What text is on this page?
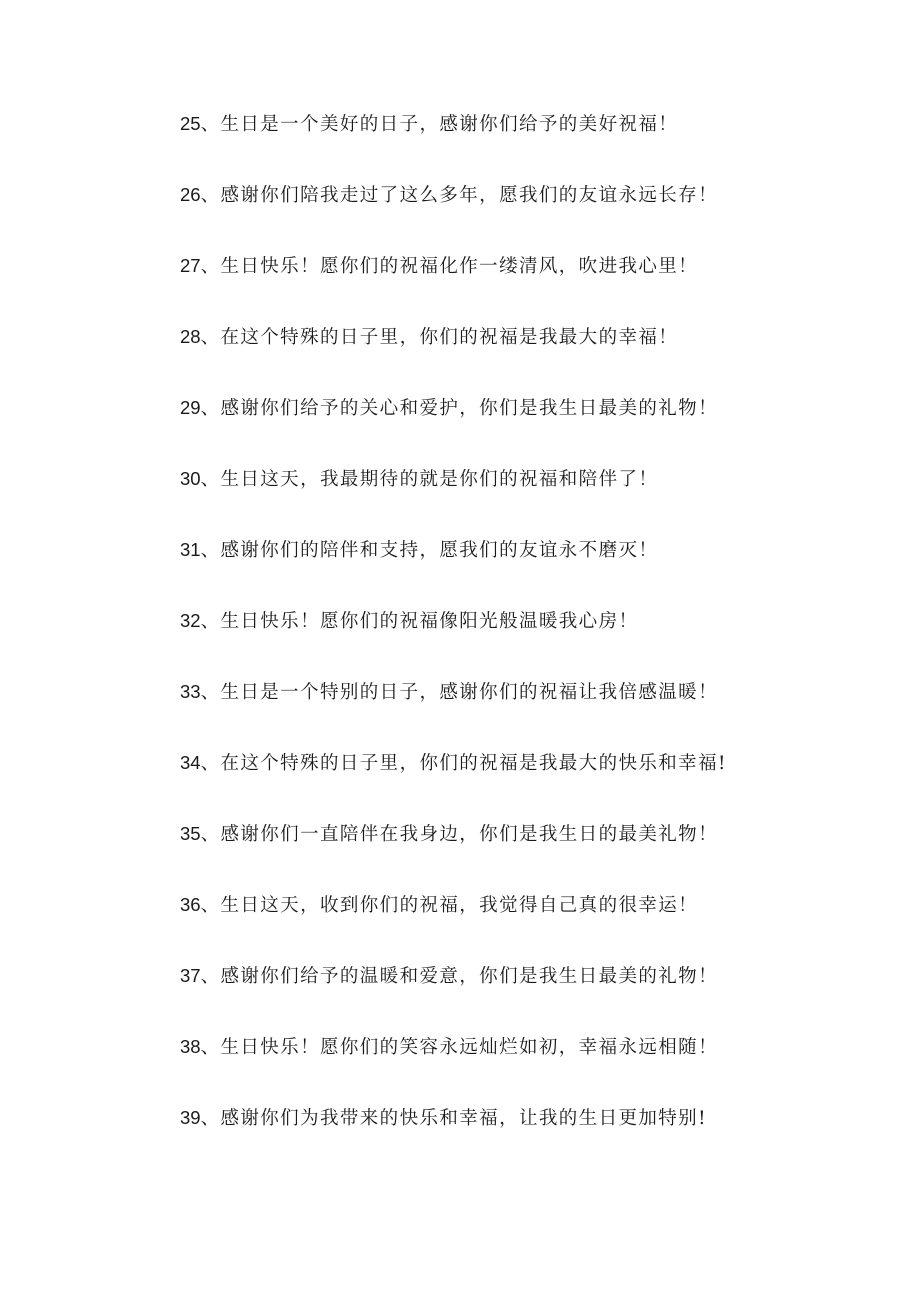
25、生日是一个美好的日子，感谢你们给予的美好祝福！
26、感谢你们陪我走过了这么多年，愿我们的友谊永远长存！
27、生日快乐！愿你们的祝福化作一缕清风，吹进我心里！
28、在这个特殊的日子里，你们的祝福是我最大的幸福！
29、感谢你们给予的关心和爱护，你们是我生日最美的礼物！
30、生日这天，我最期待的就是你们的祝福和陪伴了！
31、感谢你们的陪伴和支持，愿我们的友谊永不磨灭！
32、生日快乐！愿你们的祝福像阳光般温暖我心房！
33、生日是一个特别的日子，感谢你们的祝福让我倍感温暖！
34、在这个特殊的日子里，你们的祝福是我最大的快乐和幸福!
35、感谢你们一直陪伴在我身边，你们是我生日的最美礼物！
36、生日这天，收到你们的祝福，我觉得自己真的很幸运！
37、感谢你们给予的温暖和爱意，你们是我生日最美的礼物！
38、生日快乐！愿你们的笑容永远灿烂如初，幸福永远相随！
39、感谢你们为我带来的快乐和幸福，让我的生日更加特别!
